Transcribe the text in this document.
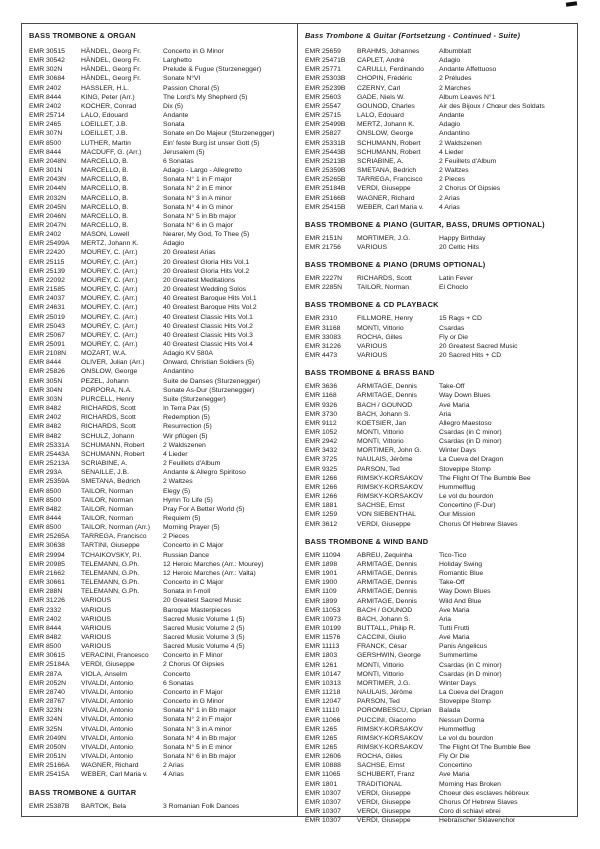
BASS TROMBONE & ORGAN
EMR 30515	HÄNDEL, Georg Fr.	Concerto in G Minor
EMR 30542	HÄNDEL, Georg Fr.	Larghetto
EMR 302N	HÄNDEL, Georg Fr.	Prelude & Fugue (Sturzenegger)
EMR 30684	HÄNDEL, Georg Fr.	Sonate N°VI
EMR 2402	HASSLER, H.L.	Passion Choral (5)
EMR 8444	KING, Peter (Arr.)	The Lord's My Shepherd (5)
EMR 2402	KOCHER, Conrad	Dix (5)
EMR 25714	LALO, Edouard	Andante
EMR 2465	LOEILLET, J.B.	Sonata
EMR 307N	LOEILLET, J.B.	Sonate en Do Majeur (Sturzenegger)
EMR 8500	LUTHER, Martin	Ein' feste Burg ist unser Gott (5)
EMR 8444	MACDUFF, G. (Arr.)	Jerusalem (5)
EMR 2048N	MARCELLO, B.	6 Sonatas
EMR 301N	MARCELLO, B.	Adagio - Largo - Allegretto
EMR 2043N	MARCELLO, B.	Sonata N° 1 in F major
EMR 2044N	MARCELLO, B.	Sonata N° 2 in E minor
EMR 2032N	MARCELLO, B.	Sonata N° 3 in A minor
EMR 2045N	MARCELLO, B.	Sonata N° 4 in G minor
EMR 2046N	MARCELLO, B.	Sonata N° 5 in Bb major
EMR 2047N	MARCELLO, B.	Sonata N° 6 in G major
EMR 2402	MASON, Lowell	Nearer, My God, To Thee (5)
EMR 25499A	MERTZ, Johann K.	Adagio
EMR 22420	MOUREY, C. (Arr.)	20 Greatest Arias
EMR 25115	MOUREY, C. (Arr.)	20 Greatest Gloria Hits Vol.1
EMR 25139	MOUREY, C. (Arr.)	20 Greatest Gloria Hits Vol.2
EMR 22092	MOUREY, C. (Arr.)	20 Greatest Meditations
EMR 21585	MOUREY, C. (Arr.)	20 Greatest Wedding Solos
EMR 24037	MOUREY, C. (Arr.)	40 Greatest Baroque Hits Vol.1
EMR 24631	MOUREY, C. (Arr.)	40 Greatest Baroque Hits Vol.2
EMR 25019	MOUREY, C. (Arr.)	40 Greatest Classic Hits Vol.1
EMR 25043	MOUREY, C. (Arr.)	40 Greatest Classic Hits Vol.2
EMR 25067	MOUREY, C. (Arr.)	40 Greatest Classic Hits Vol.3
EMR 25091	MOUREY, C. (Arr.)	40 Greatest Classic Hits Vol.4
EMR 2108N	MOZART, W.A.	Adagio KV 580A
EMR 8444	OLIVER, Julian (Arr.)	Onward, Christian Soldiers (5)
EMR 25826	ONSLOW, George	Andantino
EMR 305N	PEZEL, Johann	Suite de Danses (Sturzenegger)
EMR 304N	PORPORA, N.A.	Sonate As-Dur (Sturzenegger)
EMR 303N	PURCELL, Henry	Suite (Sturzenegger)
EMR 8482	RICHARDS, Scott	In Terra Pax (5)
EMR 2402	RICHARDS, Scott	Redemption (5)
EMR 8482	RICHARDS, Scott	Resurrection (5)
EMR 8482	SCHULZ, Johann	Wir pflügen (5)
EMR 25331A	SCHUMANN, Robert	2 Waldszenen
EMR 25443A	SCHUMANN, Robert	4 Lieder
EMR 25213A	SCRIABINE, A.	2 Feuillets d'Album
EMR 293A	SENAILLE, J.B.	Andante & Allegro Spiritoso
EMR 25359A	SMETANA, Bedrich	2 Waltzes
EMR 8500	TAILOR, Norman	Elegy (5)
EMR 8500	TAILOR, Norman	Hymn To Life (5)
EMR 8482	TAILOR, Norman	Pray For A Better World (5)
EMR 8444	TAILOR, Norman	Requiem (5)
EMR 8500	TAILOR, Norman (Arr.)	Morning Prayer (5)
EMR 25265A	TARREGA, Francisco	2 Pieces
EMR 30638	TARTINI, Giuseppe	Concerto in C Major
EMR 29994	TCHAIKOVSKY, P.I.	Russian Dance
EMR 20985	TELEMANN, G.Ph.	12 Heroic Marches (Arr.: Mourey)
EMR 21662	TELEMANN, G.Ph.	12 Heroic Marches (Arr.: Valta)
EMR 30661	TELEMANN, G.Ph.	Concerto in C Major
EMR 288N	TELEMANN, G.Ph.	Sonata in f-moll
EMR 31226	VARIOUS	20 Greatest Sacred Music
EMR 2332	VARIOUS	Baroque Masterpieces
EMR 2402	VARIOUS	Sacred Music Volume 1 (5)
EMR 8444	VARIOUS	Sacred Music Volume 2 (5)
EMR 8482	VARIOUS	Sacred Music Volume 3 (5)
EMR 8500	VARIOUS	Sacred Music Volume 4 (5)
EMR 30615	VERACINI, Francesco	Concerto in F Minor
EMR 25184A	VERDI, Giuseppe	2 Chorus Of Gipsies
EMR 287A	VIOLA, Anselm	Concerto
EMR 2052N	VIVALDI, Antonio	6 Sonatas
EMR 28740	VIVALDI, Antonio	Concerto in F Major
EMR 28767	VIVALDI, Antonio	Concerto in G Minor
EMR 323N	VIVALDI, Antonio	Sonata N° 1 in Bb major
EMR 324N	VIVALDI, Antonio	Sonata N° 2 in F major
EMR 325N	VIVALDI, Antonio	Sonata N° 3 in A minor
EMR 2049N	VIVALDI, Antonio	Sonata N° 4 in Bb major
EMR 2050N	VIVALDI, Antonio	Sonata N° 5 in E minor
EMR 2051N	VIVALDI, Antonio	Sonata N° 6 in Bb major
EMR 25166A	WAGNER, Richard	2 Arias
EMR 25415A	WEBER, Carl Maria v.	4 Arias
BASS TROMBONE & GUITAR
EMR 25387B	BARTOK, Bela	3 Romanian Folk Dances
Bass Trombone & Guitar (Fortsetzung - Continued - Suite)
EMR 25659	BRAHMS, Johannes	Albumblatt
EMR 25471B	CAPLET, André	Adagio
EMR 25771	CARULLI, Ferdinando	Andante Affettuoso
EMR 25303B	CHOPIN, Frédéric	2 Préludes
EMR 25239B	CZERNY, Carl	2 Marches
EMR 25603	GADE, Niels W.	Album Leaves N°1
EMR 25547	GOUNOD, Charles	Air des Bijoux / Chœur des Soldats
EMR 25715	LALO, Edouard	Andante
EMR 25499B	MERTZ, Johann K.	Adagio
EMR 25827	ONSLOW, George	Andantino
EMR 25331B	SCHUMANN, Robert	2 Waldszenen
EMR 25443B	SCHUMANN, Robert	4 Lieder
EMR 25213B	SCRIABINE, A.	2 Feuillets d'Album
EMR 25359B	SMETANA, Bedrich	2 Waltzes
EMR 25265B	TARREGA, Francisco	2 Pieces
EMR 25184B	VERDI, Giuseppe	2 Chorus Of Gipsies
EMR 25166B	WAGNER, Richard	2 Arias
EMR 25415B	WEBER, Carl Maria v.	4 Arias
BASS TROMBONE & PIANO (GUITAR, BASS, DRUMS OPTIONAL)
EMR 2151N	MORTIMER, J.G.	Happy Birthday
EMR 21756	VARIOUS	20 Celtic Hits
BASS TROMBONE & PIANO (DRUMS OPTIONAL)
EMR 2227N	RICHARDS, Scott	Latin Fever
EMR 2285N	TAILOR, Norman	El Choclo
BASS TROMBONE & CD PLAYBACK
EMR 2310	FILLMORE, Henry	15 Rags + CD
EMR 31168	MONTI, Vittorio	Csardas
EMR 33083	ROCHA, Gilles	Fly or Die
EMR 31226	VARIOUS	20 Greatest Sacred Music
EMR 4473	VARIOUS	20 Sacred Hits + CD
BASS TROMBONE & BRASS BAND
EMR 3636	ARMITAGE, Dennis	Take-Off
EMR 1168	ARMITAGE, Dennis	Way Down Blues
EMR 9326	BACH / GOUNOD	Ave Maria
EMR 3730	BACH, Johann S.	Aria
EMR 9112	KOETSIER, Jan	Allegro Maestoso
EMR 1052	MONTI, Vittorio	Csardas (in C minor)
EMR 2942	MONTI, Vittorio	Csardas (in D minor)
EMR 3432	MORTIMER, John G.	Winter Days
EMR 3725	NAULAIS, Jérôme	La Cueva del Dragon
EMR 9325	PARSON, Ted	Stovepipe Stomp
EMR 1266	RIMSKY-KORSAKOV	The Flight Of The Bumble Bee
EMR 1266	RIMSKY-KORSAKOV	Hummelflug
EMR 1266	RIMSKY-KORSAKOV	Le vol du bourdon
EMR 1881	SACHSE, Ernst	Concertino (F-Dur)
EMR 1259	VON SIEBENTHAL	Our Mission
EMR 3612	VERDI, Giuseppe	Chorus Of Hebrew Slaves
BASS TROMBONE & WIND BAND
EMR 11094	ABREU, Zequinha	Tico-Tico
EMR 1898	ARMITAGE, Dennis	Holiday Swing
EMR 1901	ARMITAGE, Dennis	Romantic Blue
EMR 1900	ARMITAGE, Dennis	Take-Off
EMR 1109	ARMITAGE, Dennis	Way Down Blues
EMR 1899	ARMITAGE, Dennis	Wild And Blue
EMR 11053	BACH / GOUNOD	Ave Maria
EMR 10973	BACH, Johann S.	Aria
EMR 10199	BUTTALL, Philip R.	Tutti Frutti
EMR 11576	CACCINI, Giulio	Ave Maria
EMR 11113	FRANCK, César	Panis Angelicus
EMR 1803	GERSHWIN, George	Summertime
EMR 1261	MONTI, Vittorio	Csardas (in C minor)
EMR 10147	MONTI, Vittorio	Csardas (in D minor)
EMR 10313	MORTIMER, J.G.	Winter Days
EMR 11218	NAULAIS, Jérôme	La Cueva del Dragon
EMR 12047	PARSON, Ted	Stovepipe Stomp
EMR 11110	POROMBESCU, Ciprian	Balada
EMR 11066	PUCCINI, Giacomo	Nessun Dorma
EMR 1265	RIMSKY-KORSAKOV	Hummelflug
EMR 1265	RIMSKY-KORSAKOV	Le vol du bourdon
EMR 1265	RIMSKY-KORSAKOV	The Flight Of The Bumble Bee
EMR 12606	ROCHA, Gilles	Fly Or Die
EMR 10888	SACHSE, Ernst	Concertino
EMR 11065	SCHUBERT, Franz	Ave Maria
EMR 1801	TRADITIONAL	Morning Has Broken
EMR 10307	VERDI, Giuseppe	Choeur des esclaves hébreux
EMR 10307	VERDI, Giuseppe	Chorus Of Hebrew Slaves
EMR 10307	VERDI, Giuseppe	Coro di schiavi ebrei
EMR 10307	VERDI, Giuseppe	Hebraïscher Sklavenchor
